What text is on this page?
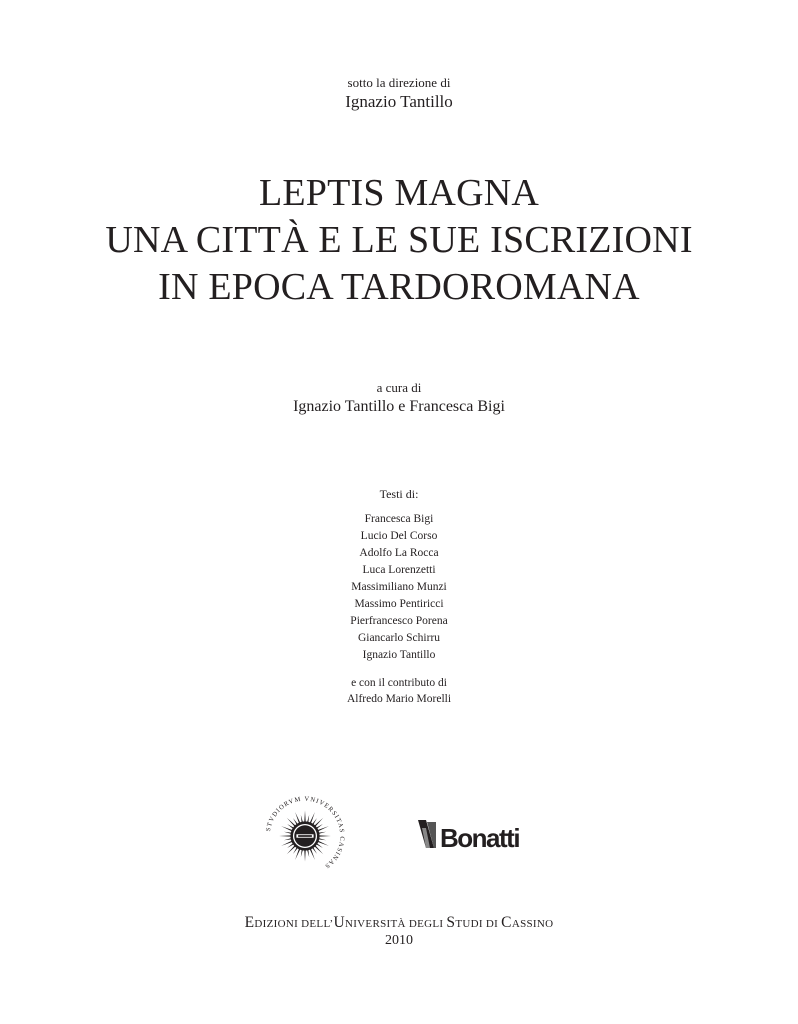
sotto la direzione di
Ignazio Tantillo
LEPTIS MAGNA
UNA CITTÀ E LE SUE ISCRIZIONI
IN EPOCA TARDOROMANA
a cura di
Ignazio Tantillo e Francesca Bigi
Testi di:
Francesca Bigi
Lucio Del Corso
Adolfo La Rocca
Luca Lorenzetti
Massimiliano Munzi
Massimo Pentiricci
Pierfrancesco Porena
Giancarlo Schirru
Ignazio Tantillo
e con il contributo di
Alfredo Mario Morelli
STVDIORVM VNIVERSITAS CASINAS
Bonatti
EDIZIONI DELL’UNIVERSITÀ DEGLI STUDI DI CASSINO
2010
